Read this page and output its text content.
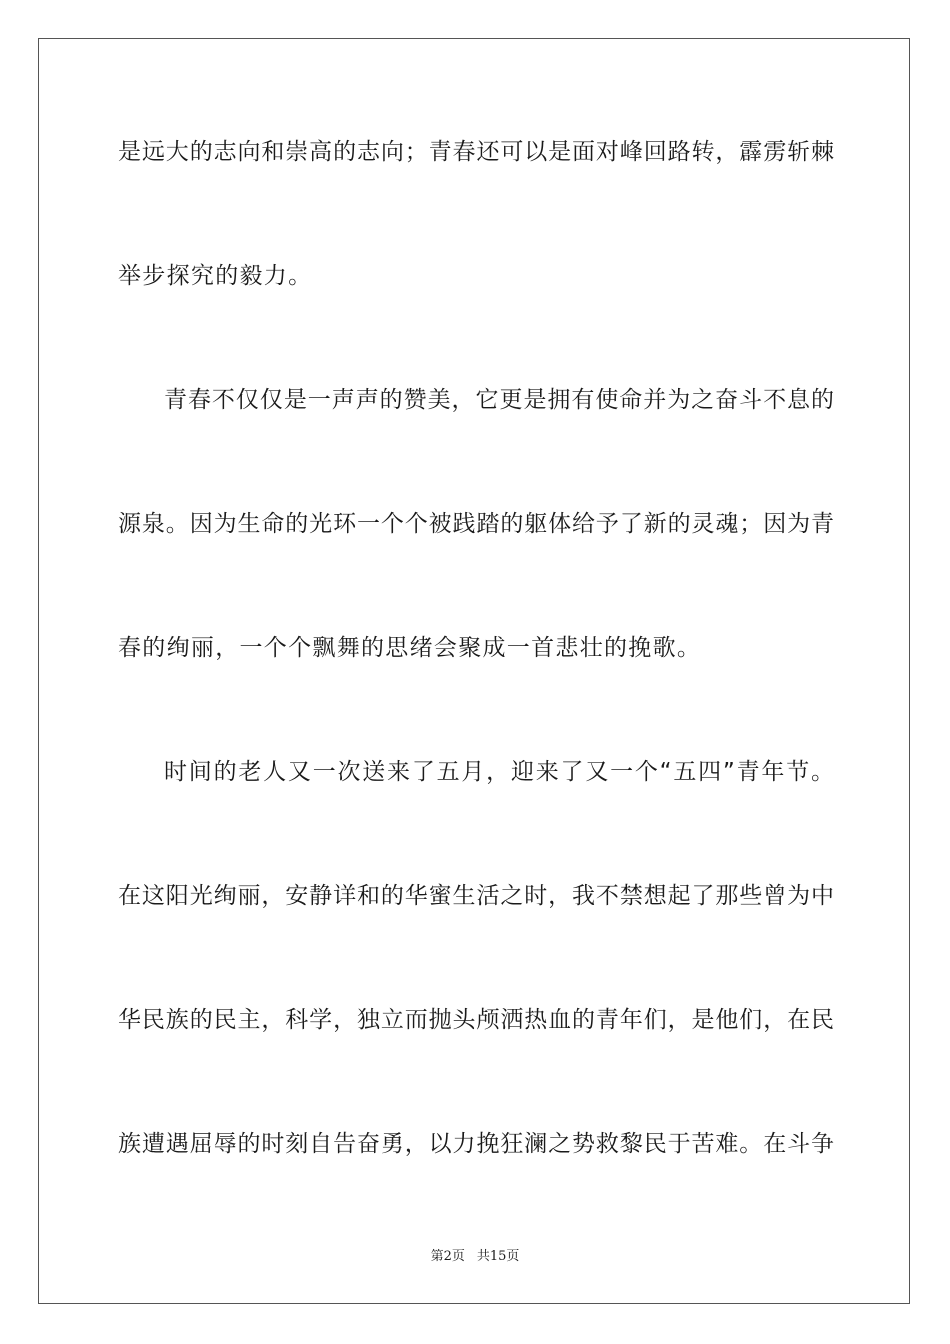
是远大的志向和崇高的志向；青春还可以是面对峰回路转，霹雳斩棘
举步探究的毅力。
青春不仅仅是一声声的赞美，它更是拥有使命并为之奋斗不息的
源泉。因为生命的光环一个个被践踏的躯体给予了新的灵魂；因为青
春的绚丽，一个个飘舞的思绪会聚成一首悲壮的挽歌。
时间的老人又一次送来了五月，迎来了又一个“五四”青年节。
在这阳光绚丽，安静详和的华蜜生活之时，我不禁想起了那些曾为中
华民族的民主，科学，独立而抛头颅洒热血的青年们，是他们，在民
族遭遇屈辱的时刻自告奋勇，以力挽狂澜之势救黎民于苦难。在斗争
第2页 共15页
